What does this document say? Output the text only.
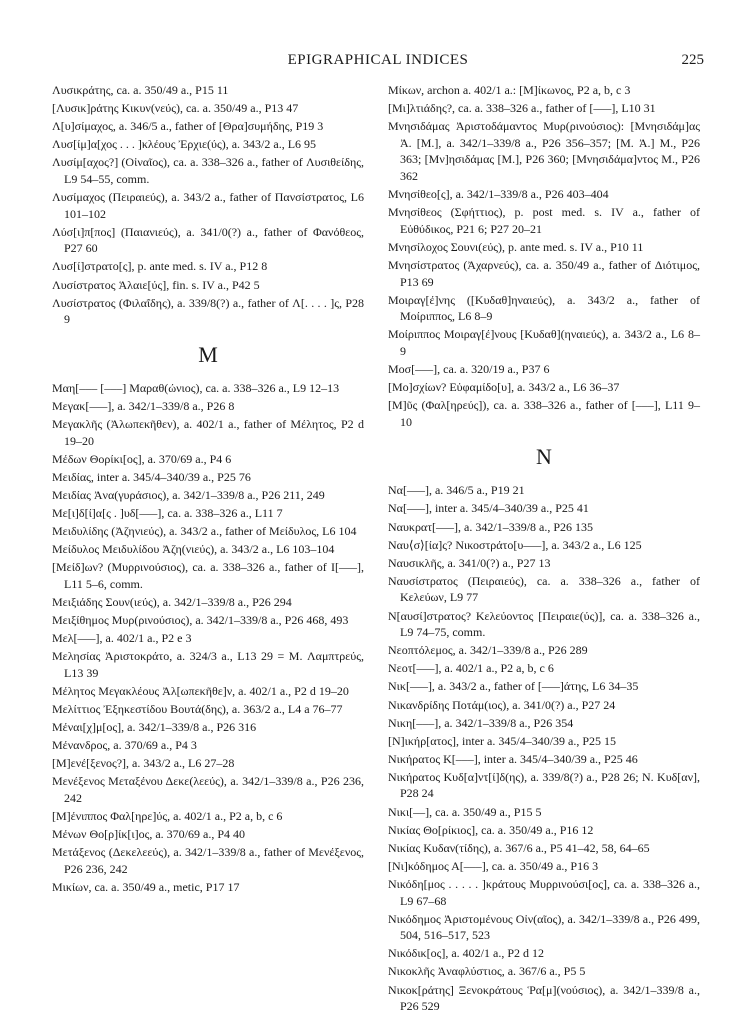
EPIGRAPHICAL INDICES	225

Λυσικράτης, ca. a. 350/49 a., P15 11

[Λυσικ]ράτης Κικυν(νεύς), ca. a. 350/49 a., P13 47

Λ[υ]σίμαχος, a. 346/5 a., father of [Θρα]συμήδης, P19 3

Λυσ[ίμ]α[χος . . . ]κλέους Ἐρχιε(ύς), a. 343/2 a., L6 95

Λυσίμ[αχος?] (Οἰναῖος), ca. a. 338–326 a., father of Λυσιθείδης, L9 54–55, comm.

Λυσίμαχος (Πειραιεύς), a. 343/2 a., father of Πανσίστρατος, L6 101–102

Λύσ[ι]π[πος] (Παιανιεύς), a. 341/0(?) a., father of Φανόθεος, P27 60

Λυσ[ί]στρατο[ς], p. ante med. s. IV a., P12 8

Λυσίστρατος Ἁλαιε[ύς], fin. s. IV a., P42 5

Λυσίστρατος (Φιλαΐδης), a. 339/8(?) a., father of Λ[. . . . ]ς, P28 9

M

Μαη[––– [–––] Μαραθ(ώνιος), ca. a. 338–326 a., L9 12–13

Μεγακ[–––], a. 342/1–339/8 a., P26 8

Μεγακλῆς (Ἀλωπεκῆθεν), a. 402/1 a., father of Μέλητος, P2 d 19–20

Μέδων Θορίκι[ος], a. 370/69 a., P4 6

Μειδίας, inter a. 345/4–340/39 a., P25 76

Μειδίας Ἀνα(γυράσιος), a. 342/1–339/8 a., P26 211, 249

Με[ι]δ[ί]α[ς . ]υδ[–––], ca. a. 338–326 a., L11 7

Μειδυλίδης (Ἀζηνιεύς), a. 343/2 a., father of Μείδυλος, L6 104

Μείδυλος Μειδυλίδου Ἀζη(νιεύς), a. 343/2 a., L6 103–104

[Μείδ]ων? (Μυρρινούσιος), ca. a. 338–326 a., father of Ι[–––], L11 5–6, comm.

Μειξιάδης Σουν(ιεύς), a. 342/1–339/8 a., P26 294

Μειξίθημος Μυρ(ρινούσιος), a. 342/1–339/8 a., P26 468, 493

Μελ[–––], a. 402/1 a., P2 e 3

Μελησίας Ἀριστοκράτο, a. 324/3 a., L13 29 = M. Λαμπτρεύς, L13 39

Μέλητος Μεγακλέους Ἀλ[ωπεκῆθε]ν, a. 402/1 a., P2 d 19–20

Μελίττιος Ἐξηκεστίδου Βουτά(δης), a. 363/2 a., L4 a 76–77

Μέναι[χ]μ[ος], a. 342/1–339/8 a., P26 316

Μένανδρος, a. 370/69 a., P4 3

[Μ]ενέ[ξενος?], a. 343/2 a., L6 27–28

Μενέξενος Μεταξένου Δεκε(λεεύς), a. 342/1–339/8 a., P26 236, 242

[Μ]ένιππος Φαλ[ηρε]ύς, a. 402/1 a., P2 a, b, c 6

Μένων Θο[ρ]ίκ[ι]ος, a. 370/69 a., P4 40

Μετάξενος (Δεκελεεύς), a. 342/1–339/8 a., father of Μενέξενος, P26 236, 242

Μικίων, ca. a. 350/49 a., metic, P17 17

Μίκων, archon a. 402/1 a.: [Μ]ίκωνος, P2 a, b, c 3

[Μι]λτιάδης?, ca. a. 338–326 a., father of [–––], L10 31

Μνησιδάμας Ἀριστοδάμαντος Μυρ(ρινούσιος): [Μνησιδάμ]ας Ἀ. [Μ.], a. 342/1–339/8 a., P26 356–357; [Μ. Ἀ.] Μ., P26 363; [Μν]ησιδάμας [Μ.], P26 360; [Μνησιδάμα]ντος Μ., P26 362

Μνησίθεο[ς], a. 342/1–339/8 a., P26 403–404

Μνησίθεος (Σφήττιος), p. post med. s. IV a., father of Εὐθύδικος, P21 6; P27 20–21

Μνησίλοχος Σουνι(εύς), p. ante med. s. IV a., P10 11

Μνησίστρατος (Ἀχαρνεύς), ca. a. 350/49 a., father of Διότιμος, P13 69

Μοιραγ[έ]νης ([Κυδαθ]ηναιεύς), a. 343/2 a., father of Μοίριππος, L6 8–9

Μοίριππος Μοιραγ[έ]νους [Κυδαθ](ηναιεύς), a. 343/2 a., L6 8–9

Μοσ[–––], ca. a. 320/19 a., P37 6

[Μο]σχίων? Εὐφαμίδο[υ], a. 343/2 a., L6 36–37

[Μ]ῦς (Φαλ[ηρεύς]), ca. a. 338–326 a., father of [–––], L11 9–10

N

Να[–––], a. 346/5 a., P19 21

Να[–––], inter a. 345/4–340/39 a., P25 41

Ναυκρατ[–––], a. 342/1–339/8 a., P26 135

Ναυ⟨σ⟩[ία]ς? Νικοστράτο[υ–––], a. 343/2 a., L6 125

Ναυσικλῆς, a. 341/0(?) a., P27 13

Ναυσίστρατος (Πειραιεύς), ca. a. 338–326 a., father of Κελεύων, L9 77

Ν[αυσί]στρατος? Κελεύοντος [Πειραιε(ύς)], ca. a. 338–326 a., L9 74–75, comm.

Νεοπτόλεμος, a. 342/1–339/8 a., P26 289

Νεοτ[–––], a. 402/1 a., P2 a, b, c 6

Νικ[–––], a. 343/2 a., father of [–––]άτης, L6 34–35

Νικανδρίδης Ποτάμ(ιος), a. 341/0(?) a., P27 24

Νικη[–––], a. 342/1–339/8 a., P26 354

[Ν]ικήρ[ατος], inter a. 345/4–340/39 a., P25 15

Νικήρατος Κ[–––], inter a. 345/4–340/39 a., P25 46

Νικήρατος Κυδ[α]ντ[ί]δ(ης), a. 339/8(?) a., P28 26; Ν. Κυδ[αν], P28 24

Νικι[––], ca. a. 350/49 a., P15 5

Νικίας Θο[ρίκιος], ca. a. 350/49 a., P16 12

Νικίας Κυδαν(τίδης), a. 367/6 a., P5 41–42, 58, 64–65

[Νι]κόδημος Α[–––], ca. a. 350/49 a., P16 3

Νικόδη[μος . . . . . ]κράτους Μυρρινούσι[ος], ca. a. 338–326 a., L9 67–68

Νικόδημος Ἀριστομένους Οἰν(αῖος), a. 342/1–339/8 a., P26 499, 504, 516–517, 523

Νικόδικ[ος], a. 402/1 a., P2 d 12

Νικοκλῆς Ἀναφλύστιος, a. 367/6 a., P5 5

Νικοκ[ράτης] Ξενοκράτους Ῥα[μ](νούσιος), a. 342/1–339/8 a., P26 529
